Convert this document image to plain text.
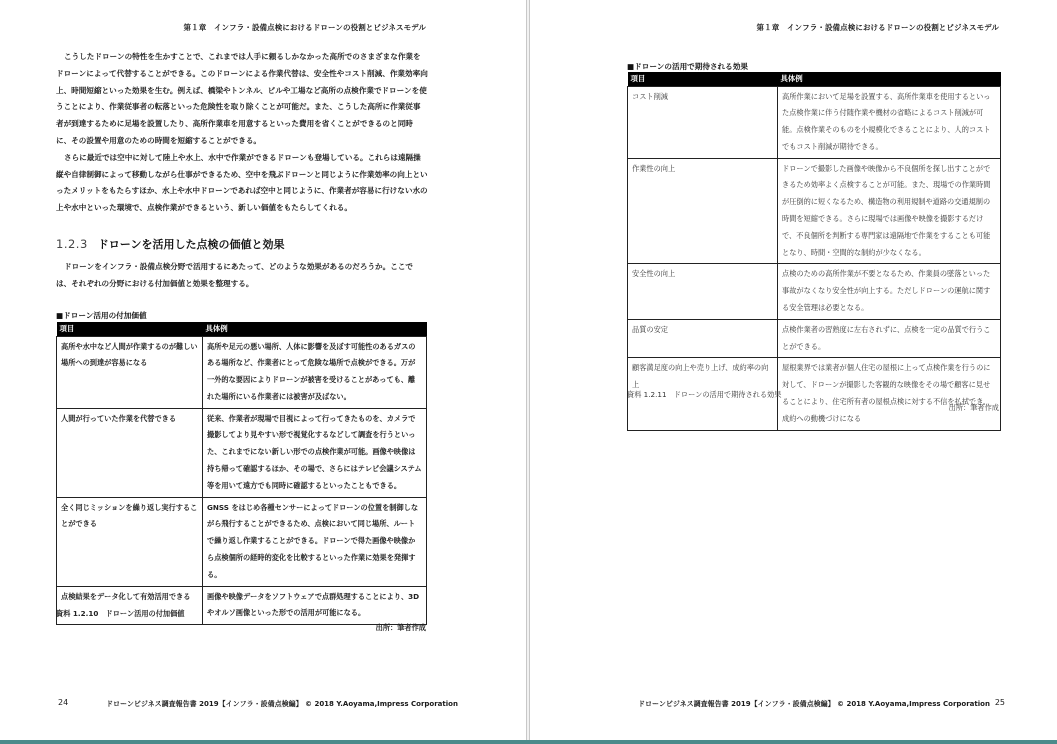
第１章　インフラ・設備点検におけるドローンの役割とビジネスモデル

こうしたドローンの特性を生かすことで、これまでは人手に頼るしかなかった高所でのさまざまな作業をドローンによって代替することができる。このドローンによる作業代替は、安全性やコスト削減、作業効率向上、時間短縮といった効果を生む。例えば、橋梁やトンネル、ビルや工場など高所の点検作業でドローンを使うことにより、作業従事者の転落といった危険性を取り除くことが可能だ。また、こうした高所に作業従事者が到達するために足場を設置したり、高所作業車を用意するといった費用を省くことができるのと同時に、その設置や用意のための時間を短縮することができる。

さらに最近では空中に対して陸上や水上、水中で作業ができるドローンも登場している。これらは遠隔操縦や自律制御によって移動しながら仕事ができるため、空中を飛ぶドローンと同じように作業効率の向上といったメリットをもたらすほか、水上や水中ドローンであれば空中と同じように、作業者が容易に行けない水の上や水中といった環境で、点検作業ができるという、新しい価値をもたらしてくれる。

1.2.3 ドローンを活用した点検の価値と効果

ドローンをインフラ・設備点検分野で活用するにあたって、どのような効果があるのだろうか。ここでは、それぞれの分野における付加価値と効果を整理する。

■ドローン活用の付加価値
項目	具体例
高所や水中など人間が作業するのが難しい場所への到達が容易になる	高所や足元の悪い場所、人体に影響を及ぼす可能性のあるガスのある場所など、作業者にとって危険な場所で点検ができる。万が一外的な要因によりドローンが被害を受けることがあっても、離れた場所にいる作業者には被害が及ばない。
人間が行っていた作業を代替できる	従来、作業者が現場で目視によって行ってきたものを、カメラで撮影してより見やすい形で視覚化するなどして調査を行うといった、これまでにない新しい形での点検作業が可能。画像や映像は持ち帰って確認するほか、その場で、さらにはテレビ会議システム等を用いて遠方でも同時に確認するといったこともできる。
全く同じミッションを繰り返し実行することができる	GNSS をはじめ各種センサーによってドローンの位置を制御しながら飛行することができるため、点検において同じ場所、ルートで繰り返し作業することができる。ドローンで得た画像や映像から点検個所の経時的変化を比較するといった作業に効果を発揮する。
点検結果をデータ化して有効活用できる	画像や映像データをソフトウェアで点群処理することにより、3D やオルソ画像といった形での活用が可能になる。
資料 1.2.10　ドローン活用の付加価値
出所：筆者作成
24	ドローンビジネス調査報告書 2019【インフラ・設備点検編】 © 2018 Y.Aoyama,Impress Corporation
第１章　インフラ・設備点検におけるドローンの役割とビジネスモデル
■ドローンの活用で期待される効果
項目	具体例
コスト削減	高所作業において足場を設置する、高所作業車を使用するといった点検作業に伴う付随作業や機材の省略によるコスト削減が可能。点検作業そのものを小規模化できることにより、人的コストでもコスト削減が期待できる。
作業性の向上	ドローンで撮影した画像や映像から不良個所を探し出すことができるため効率よく点検することが可能。また、現場での作業時間が圧倒的に短くなるため、構造物の利用規制や道路の交通規制の時間を短縮できる。さらに現場では画像や映像を撮影するだけで、不良個所を判断する専門家は遠隔地で作業をすることも可能となり、時間・空間的な制約が少なくなる。
安全性の向上	点検のための高所作業が不要となるため、作業員の墜落といった事故がなくなり安全性が向上する。ただしドローンの運航に関する安全管理は必要となる。
品質の安定	点検作業者の習熟度に左右されずに、点検を一定の品質で行うことができる。
顧客満足度の向上や売り上げ、成約率の向上	屋根業界では業者が個人住宅の屋根に上って点検作業を行うのに対して、ドローンが撮影した客観的な映像をその場で顧客に見せることにより、住宅所有者の屋根点検に対する不信を払拭でき、成約への動機づけになる
資料 1.2.11　ドローンの活用で期待される効果
出所：筆者作成
ドローンビジネス調査報告書 2019【インフラ・設備点検編】 © 2018 Y.Aoyama,Impress Corporation 25
